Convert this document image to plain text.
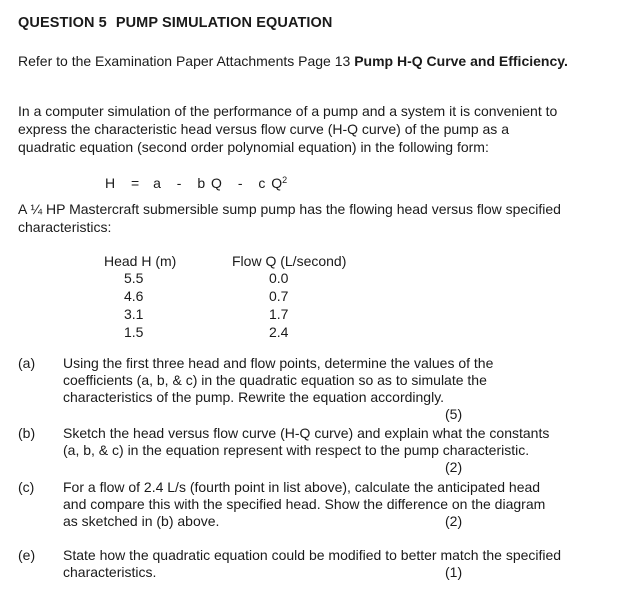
QUESTION 5 PUMP SIMULATION EQUATION
Refer to the Examination Paper Attachments Page 13 Pump H-Q Curve and Efficiency.
In a computer simulation of the performance of a pump and a system it is convenient to
express the characteristic head versus flow curve (H-Q curve) of the pump as a
quadratic equation (second order polynomial equation) in the following form:
H = a - b Q - c $Q^2$
A ¼ HP Mastercraft submersible sump pump has the flowing head versus flow specified
characteristics:
Head H (m)
5.5
4.6
3.1
1.5
Flow Q (L/second)
0.0
0.7
1.7
2.4
(a) Using the first three head and flow points, determine the values of the
coefficients (a, b, & c) in the quadratic equation so as to simulate the
characteristics of the pump. Rewrite the equation accordingly.
(5)
(b) Sketch the head versus flow curve (H-Q curve) and explain what the constants
(a, b, & c) in the equation represent with respect to the pump characteristic.
(2)
(c) For a flow of 2.4 L/s (fourth point in list above), calculate the anticipated head
and compare this with the specified head. Show the difference on the diagram
as sketched in (b) above.	(2)
(e) State how the quadratic equation could be modified to better match the specified
characteristics.	(1)
